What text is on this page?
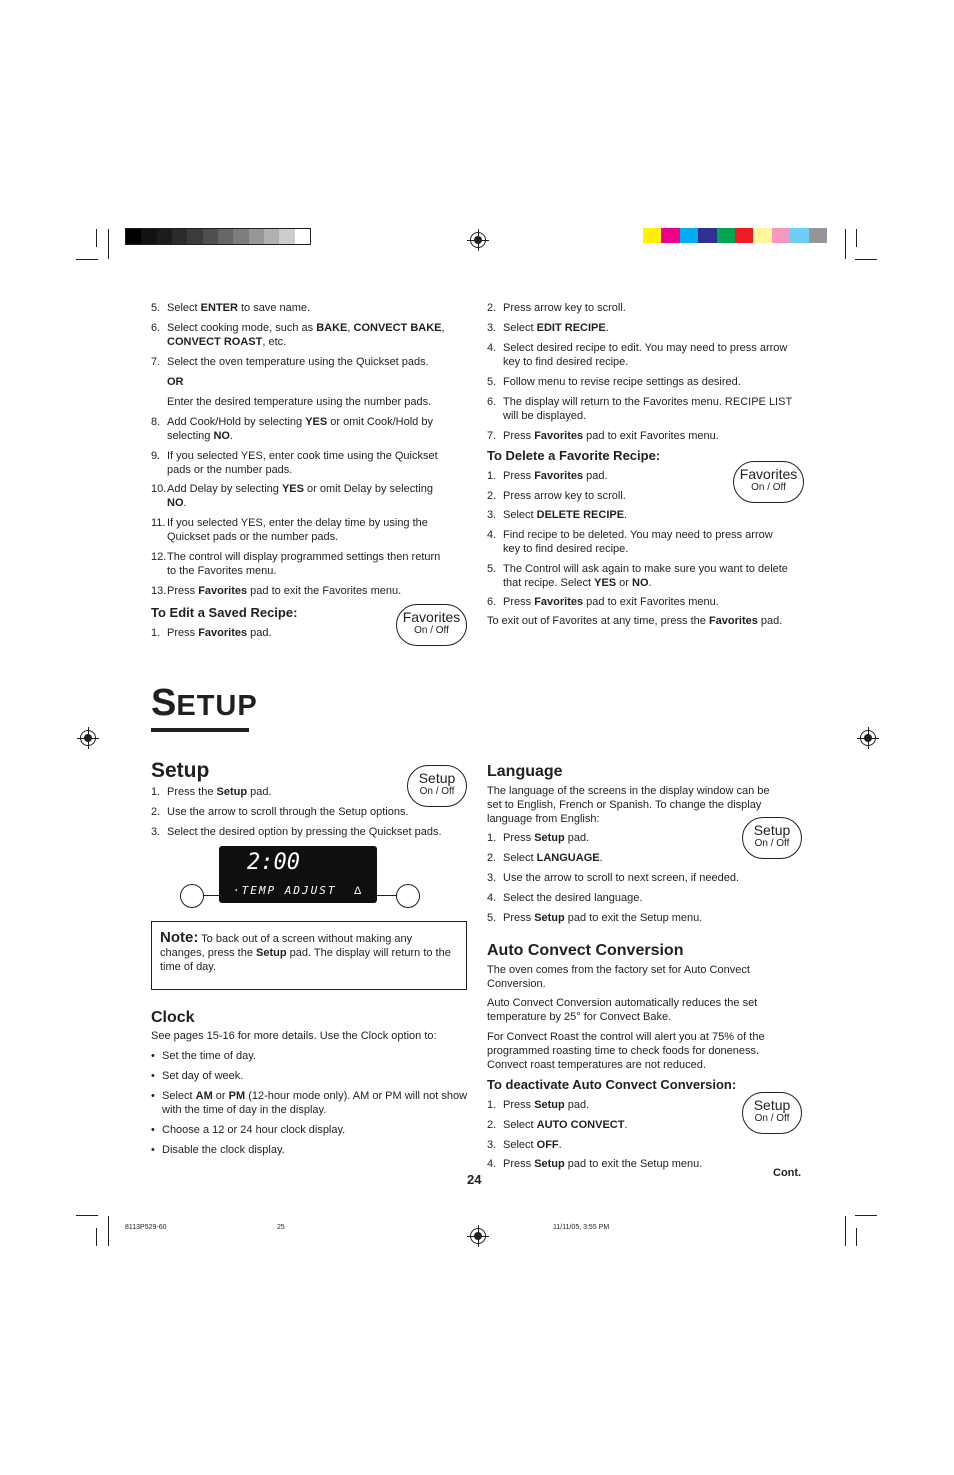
5. Select ENTER to save name.
6. Select cooking mode, such as BAKE, CONVECT BAKE, CONVECT ROAST, etc.
7. Select the oven temperature using the Quickset pads.
OR
Enter the desired temperature using the number pads.
8. Add Cook/Hold by selecting YES or omit Cook/Hold by selecting NO.
9. If you selected YES, enter cook time using the Quickset pads or the number pads.
10. Add Delay by selecting YES or omit Delay by selecting NO.
11. If you selected YES, enter the delay time by using the Quickset pads or the number pads.
12. The control will display programmed settings then return to the Favorites menu.
13. Press Favorites pad to exit the Favorites menu.
To Edit a Saved Recipe:
1. Press Favorites pad.
2. Press arrow key to scroll.
3. Select EDIT RECIPE.
4. Select desired recipe to edit. You may need to press arrow key to find desired recipe.
5. Follow menu to revise recipe settings as desired.
6. The display will return to the Favorites menu. RECIPE LIST will be displayed.
7. Press Favorites pad to exit Favorites menu.
To Delete a Favorite Recipe:
1. Press Favorites pad.
2. Press arrow key to scroll.
3. Select DELETE RECIPE.
4. Find recipe to be deleted. You may need to press arrow key to find desired recipe.
5. The Control will ask again to make sure you want to delete that recipe. Select YES or NO.
6. Press Favorites pad to exit Favorites menu.
To exit out of Favorites at any time, press the Favorites pad.
Favorites
On / Off
Favorites
On / Off
Setup
On / Off
Setup
On / Off
Setup
On / Off
SETUP
Setup
1. Press the Setup pad.
2. Use the arrow to scroll through the Setup options.
3. Select the desired option by pressing the Quickset pads.
2:00
·TEMP ADJUST Δ
Note: To back out of a screen without making any changes, press the Setup pad. The display will return to the time of day.
Clock
See pages 15-16 for more details. Use the Clock option to:
• Set the time of day.
• Set day of week.
• Select AM or PM (12-hour mode only). AM or PM will not show with the time of day in the display.
• Choose a 12 or 24 hour clock display.
• Disable the clock display.
Language
The language of the screens in the display window can be set to English, French or Spanish. To change the display language from English:
1. Press Setup pad.
2. Select LANGUAGE.
3. Use the arrow to scroll to next screen, if needed.
4. Select the desired language.
5. Press Setup pad to exit the Setup menu.
Auto Convect Conversion
The oven comes from the factory set for Auto Convect Conversion.
Auto Convect Conversion automatically reduces the set temperature by 25° for Convect Bake.
For Convect Roast the control will alert you at 75% of the programmed roasting time to check foods for doneness. Convect roast temperatures are not reduced.
To deactivate Auto Convect Conversion:
1. Press Setup pad.
2. Select AUTO CONVECT.
3. Select OFF.
4. Press Setup pad to exit the Setup menu.
Cont.
24
8113P529-60	25	11/11/05, 3:55 PM
